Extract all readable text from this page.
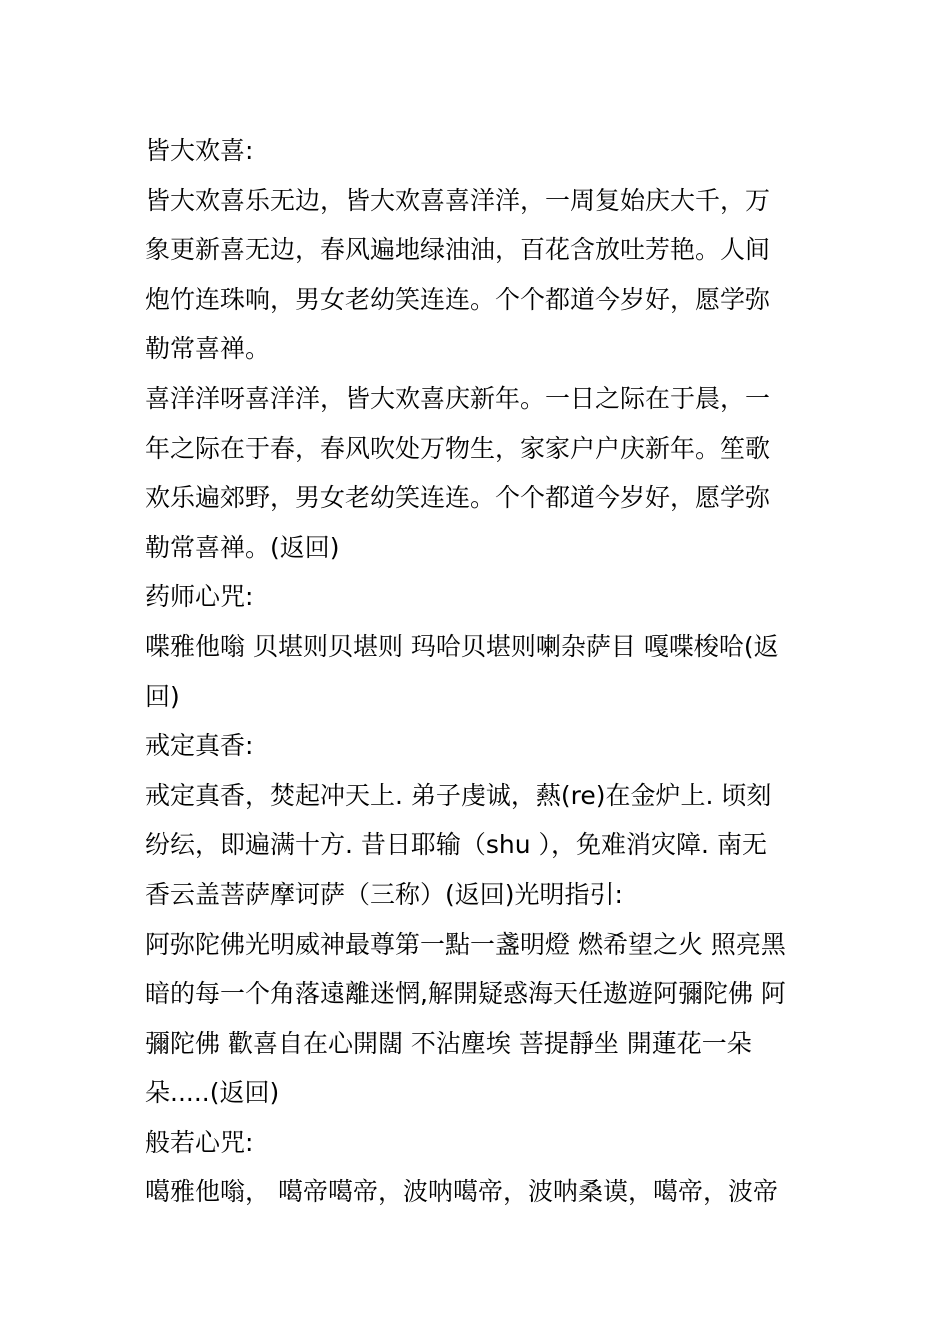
皆大欢喜:
皆大欢喜乐无边，皆大欢喜喜洋洋，一周复始庆大千，万
象更新喜无边，春风遍地绿油油，百花含放吐芳艳。人间
炮竹连珠响，男女老幼笑连连。个个都道今岁好，愿学弥
勒常喜禅。
喜洋洋呀喜洋洋，皆大欢喜庆新年。一日之际在于晨，一
年之际在于春，春风吹处万物生，家家户户庆新年。笙歌
欢乐遍郊野，男女老幼笑连连。个个都道今岁好，愿学弥
勒常喜禅。(返回)
药师心咒:
喋雅他嗡 贝堪则贝堪则 玛哈贝堪则喇杂萨目 嘎喋梭哈(返
回)
戒定真香:
戒定真香，焚起冲天上. 弟子虔诚，爇(re)在金炉上. 顷刻
纷纭，即遍满十方. 昔日耶输（shu ），免难消灾障. 南无
香云盖菩萨摩诃萨（三称）(返回)光明指引:
阿弥陀佛光明威神最尊第一點一盞明燈 燃希望之火 照亮黑
暗的每一个角落遠離迷惘,解開疑惑海天任遨遊阿彌陀佛 阿
彌陀佛 歡喜自在心開闊 不沾塵埃 菩提靜坐 開蓮花一朵
朵.....(返回)
般若心咒:
噶雅他嗡， 噶帝噶帝，波呐噶帝，波呐桑谟，噶帝，波帝
